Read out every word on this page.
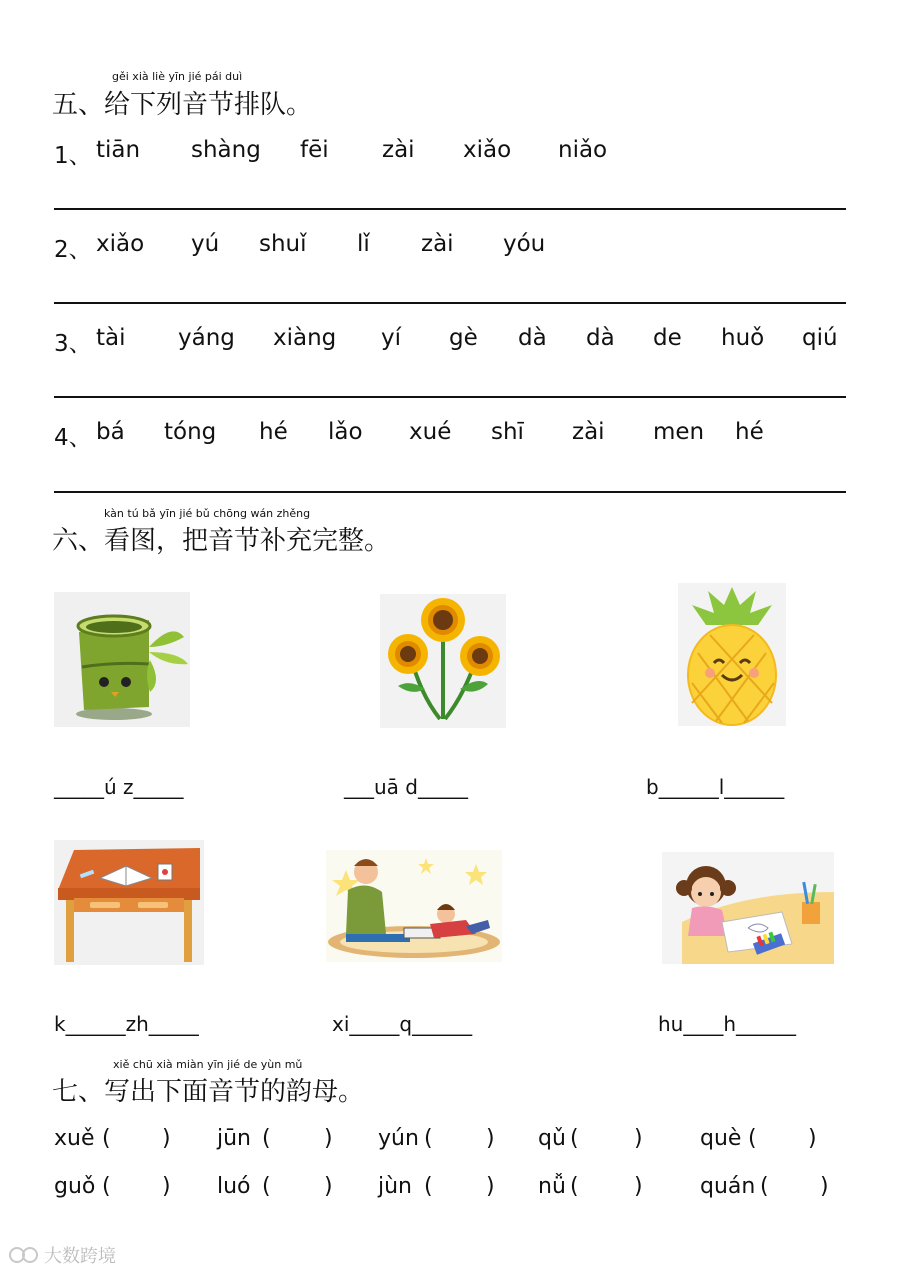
gěi xià liè yīn jié pái duì
五、给下列音节排队。
1、 tiān shàng fēi zài xiǎo niǎo
2、 xiǎo yú shuǐ lǐ zài yóu
3、 tài yáng xiàng yí gè dà dà de huǒ qiú
4、 bá tóng hé lǎo xué shī zài men hé
kàn tú bǎ yīn jié bǔ chōng wán zhěng
六、看图，把音节补充完整。
_____ú z_____	___uā d_____	b______l______
k______zh_____	xi_____q______	hu____h______
xiě chū xià miàn yīn jié de yùn mǔ
七、写出下面音节的韵母。
xuě ( ) jūn ( ) yún ( ) qǔ (	)	què ( )
guǒ ( ) luó ( ) jùn ( ) nǚ (	)	quán ( )
大数跨境
